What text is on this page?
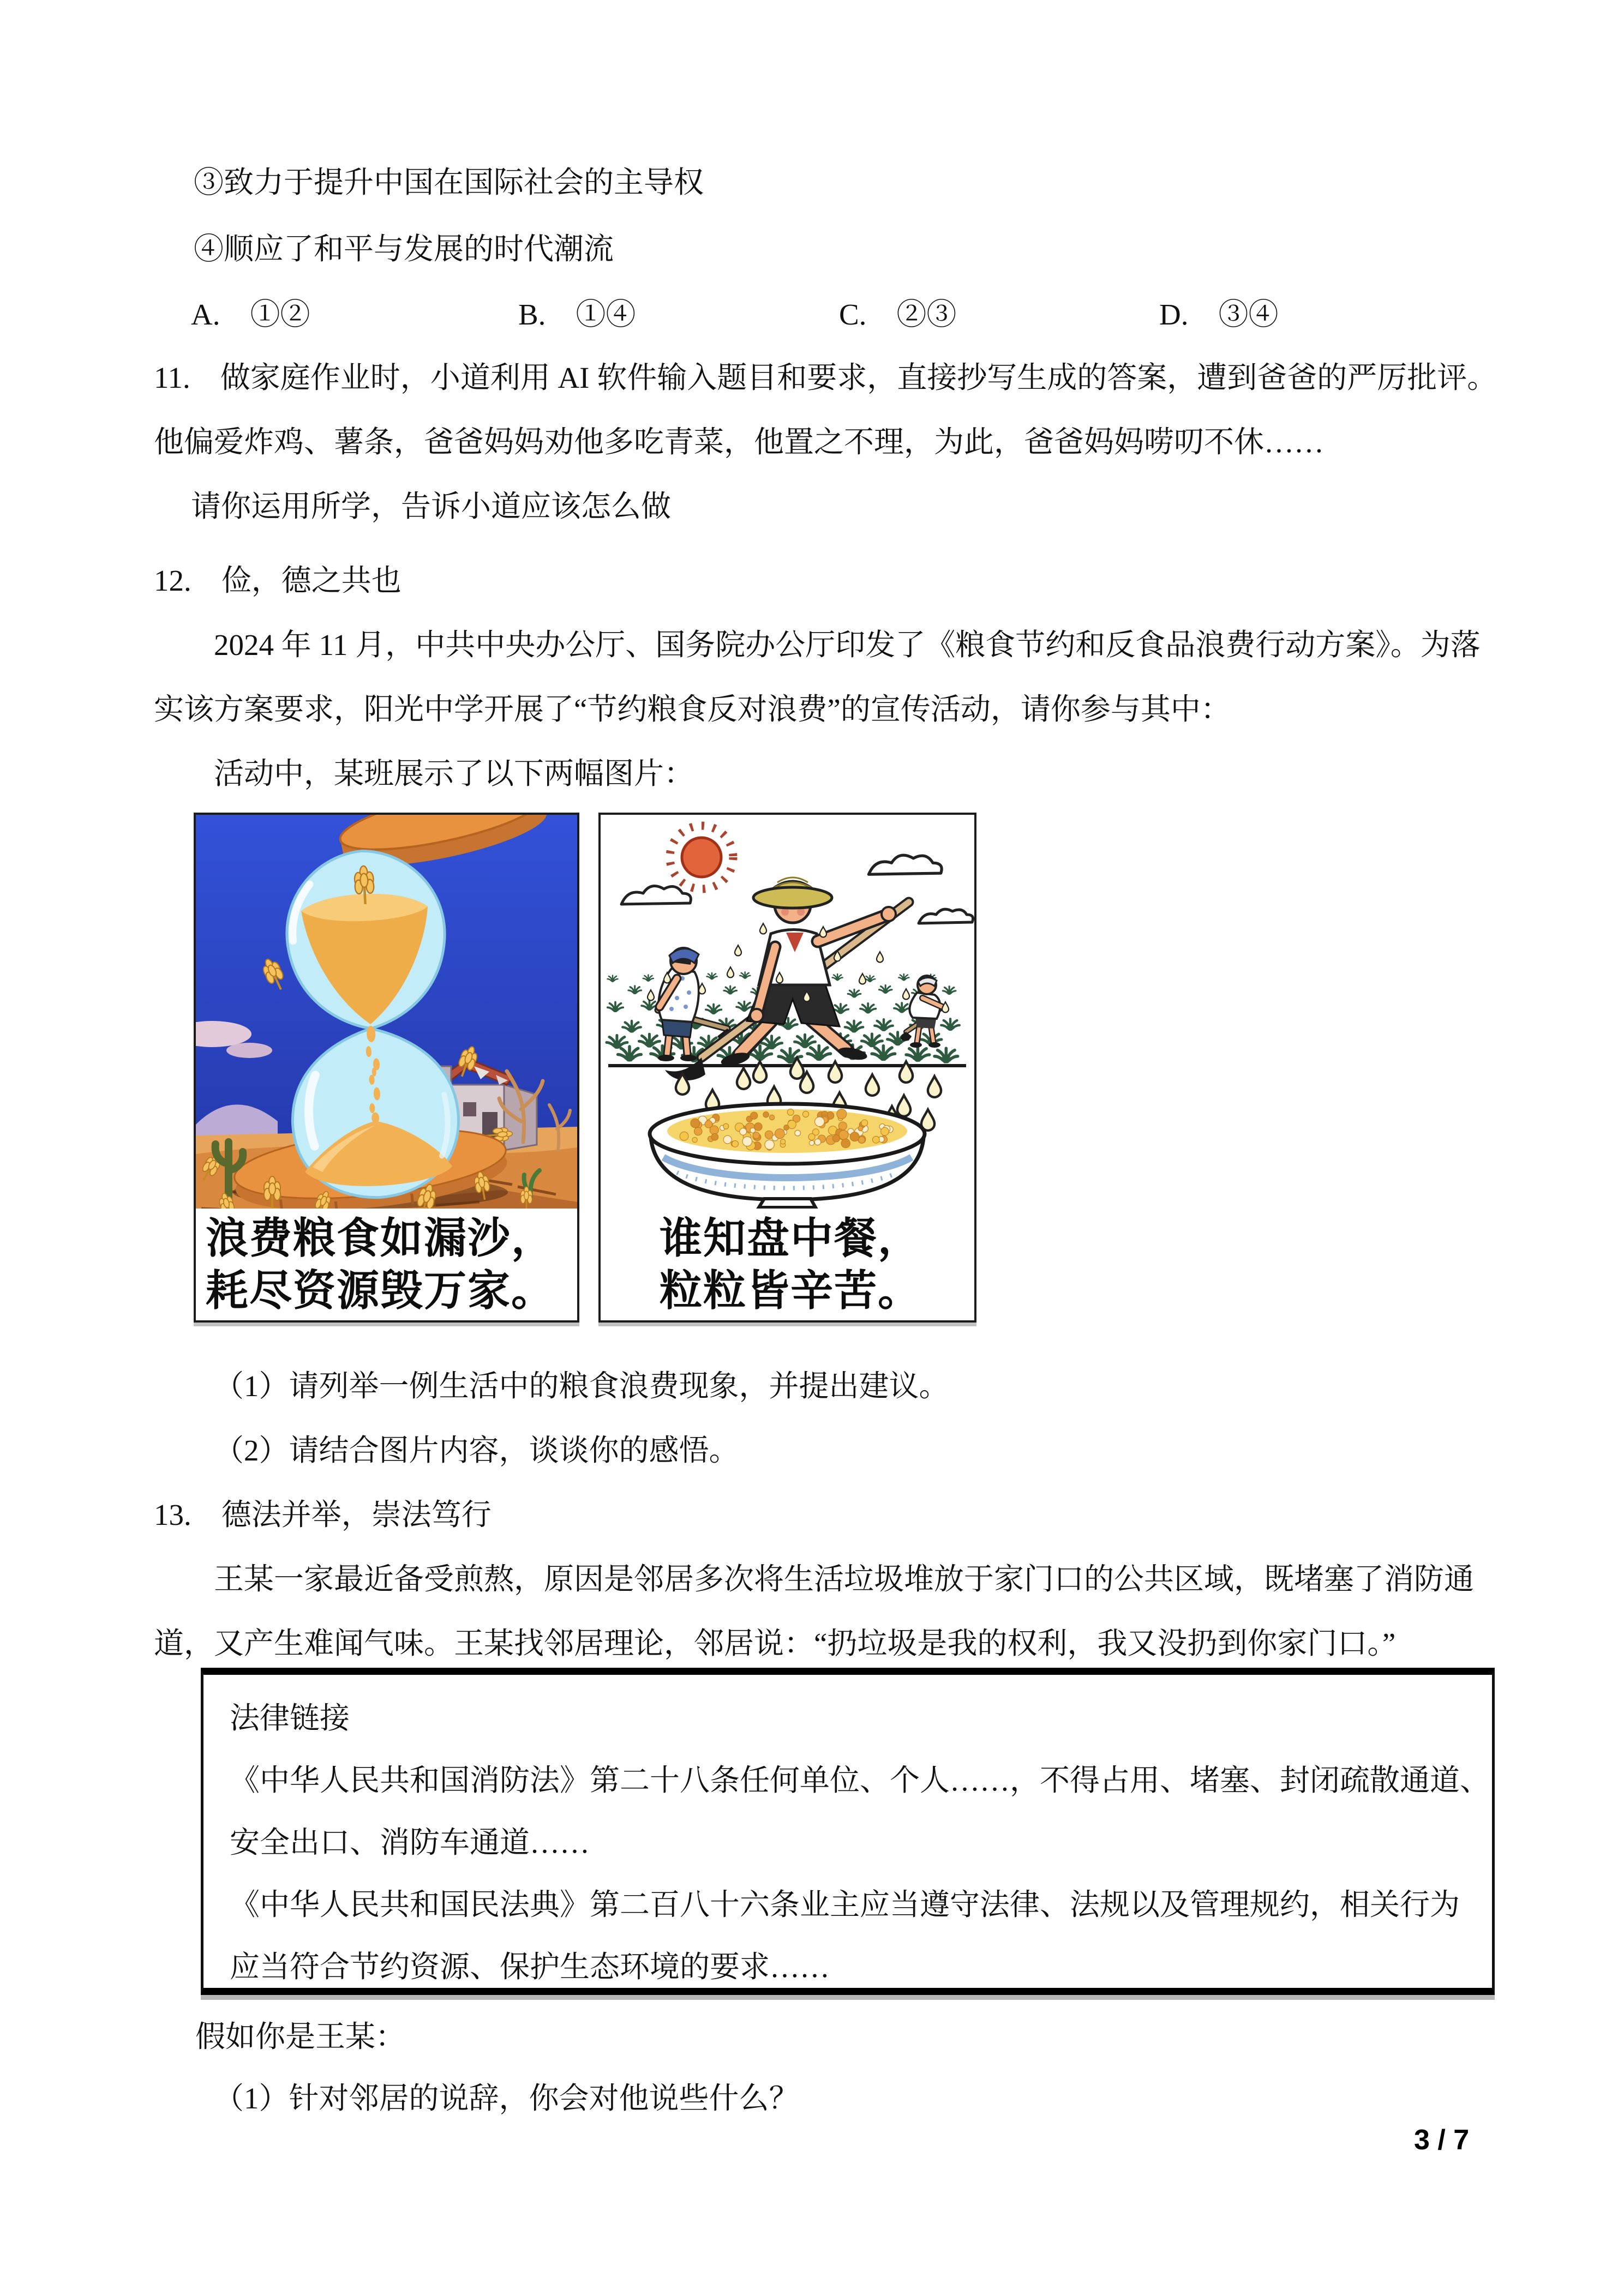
③致力于提升中国在国际社会的主导权
④顺应了和平与发展的时代潮流
A.　①②	B.　①④	C.　②③	D.　③④
11.　做家庭作业时，小道利用 AI 软件输入题目和要求，直接抄写生成的答案，遭到爸爸的严厉批评。
他偏爱炸鸡、薯条，爸爸妈妈劝他多吃青菜，他置之不理，为此，爸爸妈妈唠叨不休……
请你运用所学，告诉小道应该怎么做
12.　俭，德之共也
2024 年 11 月，中共中央办公厅、国务院办公厅印发了《粮食节约和反食品浪费行动方案》。为落
实该方案要求，阳光中学开展了“节约粮食反对浪费”的宣传活动，请你参与其中：
活动中，某班展示了以下两幅图片：
浪费粮食如漏沙，
耗尽资源毁万家。
谁知盘中餐，
粒粒皆辛苦。
（1）请列举一例生活中的粮食浪费现象，并提出建议。
（2）请结合图片内容，谈谈你的感悟。
13.　德法并举，崇法笃行
王某一家最近备受煎熬，原因是邻居多次将生活垃圾堆放于家门口的公共区域，既堵塞了消防通
道，又产生难闻气味。王某找邻居理论，邻居说：“扔垃圾是我的权利，我又没扔到你家门口。”
法律链接
《中华人民共和国消防法》第二十八条任何单位、个人……，不得占用、堵塞、封闭疏散通道、
安全出口、消防车通道……
《中华人民共和国民法典》第二百八十六条业主应当遵守法律、法规以及管理规约，相关行为
应当符合节约资源、保护生态环境的要求……
假如你是王某：
（1）针对邻居的说辞，你会对他说些什么？
3 / 7
